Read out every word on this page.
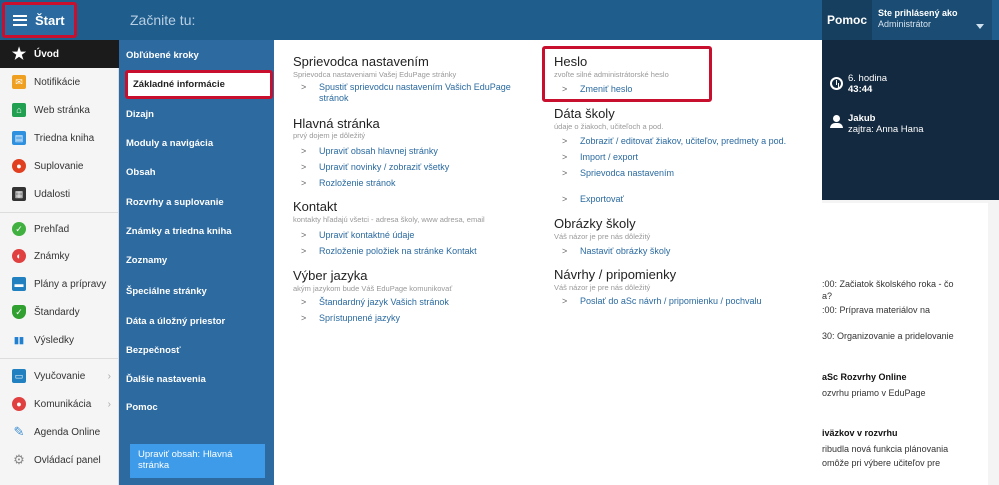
Štart	Začnite tu:	Pomoc	Ste prihlásený ako
Administrátor
★ Úvod
✉	Notifikácie
⌂	Web stránka
▤ Triedna kniha
●	Suplovanie
▦ Udalosti
✓	Prehľad
◐	Známky
▬ Plány a prípravy
✓	Štandardy
▮▮ Výsledky
▭ Vyučovanie ›
●	Komunikácia ›
✎ Agenda Online
⚙ Ovládací panel
Obľúbené kroky
Základné informácie
Dizajn
Moduly a navigácia
Obsah
Rozvrhy a suplovanie
Známky a triedna kniha
Zoznamy
Špeciálne stránky
Dáta a úložný priestor
Bezpečnosť
Ďalšie nastavenia
Pomoc
Upraviť obsah: Hlavná stránka
Sprievodca nastavením
Sprievodca nastaveniami Vašej EduPage stránky
> Spustiť sprievodcu nastavením Vašich EduPage stránok
Hlavná stránka
prvý dojem je dôležitý
> Upraviť obsah hlavnej stránky
> Upraviť novinky / zobraziť všetky
> Rozloženie stránok
Kontakt
kontakty hľadajú všetci - adresa školy, www adresa, email
> Upraviť kontaktné údaje
> Rozloženie položiek na stránke Kontakt
Výber jazyka
akým jazykom bude Váš EduPage komunikovať
> Štandardný jazyk Vašich stránok
> Sprístupnené jazyky
Heslo
zvoľte silné administrátorské heslo
> Zmeniť heslo
Dáta školy
údaje o žiakoch, učiteľoch a pod.
> Zobraziť / editovať žiakov, učiteľov, predmety a pod.
> Import / export
> Sprievodca nastavením
> Exportovať
Obrázky školy
Váš názor je pre nás dôležitý
> Nastaviť obrázky školy
Návrhy / pripomienky
Váš názor je pre nás dôležitý
> Poslať do aSc návrh / pripomienku / pochvalu
6. hodina
43:44
Jakub
zajtra: Anna Hana
:00: Začiatok školského roka - čo
a?
:00: Príprava materiálov na
30: Organizovanie a pridelovanie
aSc Rozvrhy Online
ozvrhu priamo v EduPage
iväzkov v rozvrhu
ribudla nová funkcia plánovania
omôže pri výbere učiteľov pre
